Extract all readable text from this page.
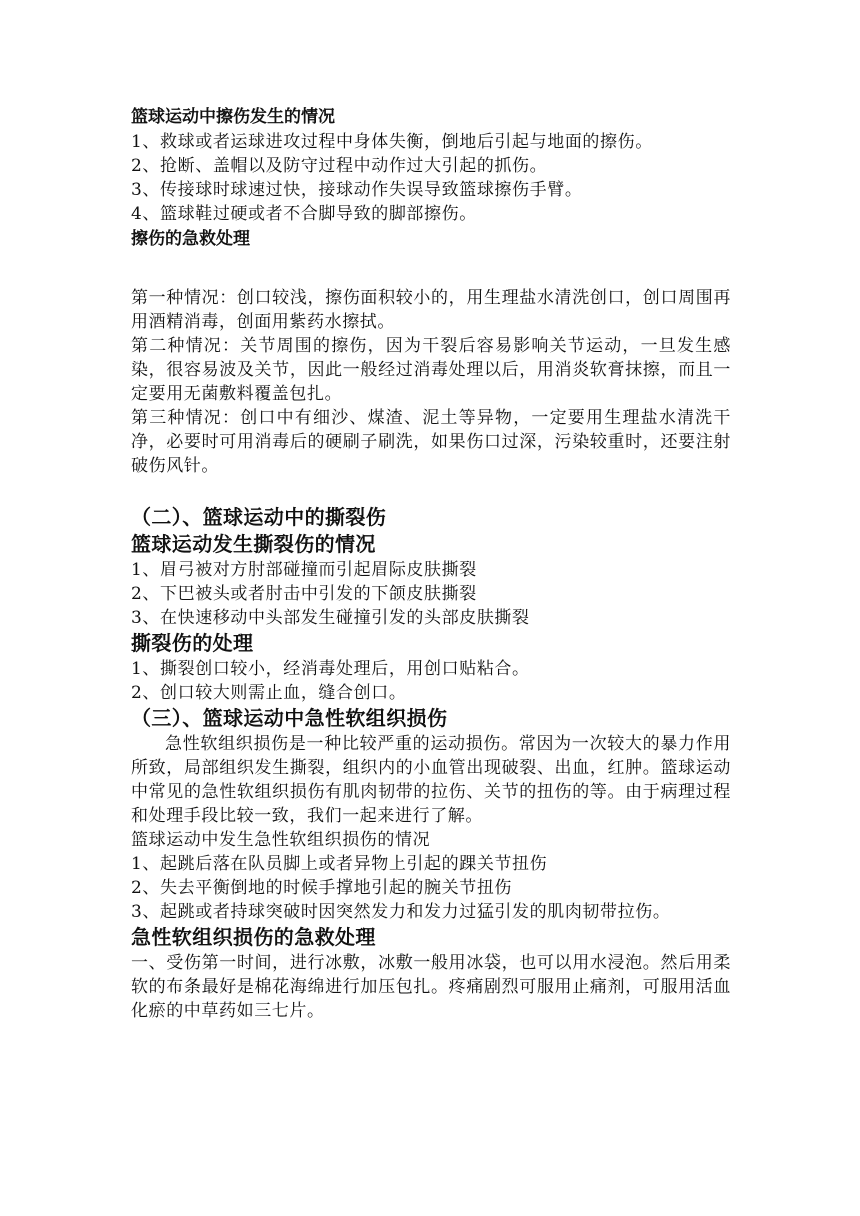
篮球运动中擦伤发生的情况
1、救球或者运球进攻过程中身体失衡，倒地后引起与地面的擦伤。
2、抢断、盖帽以及防守过程中动作过大引起的抓伤。
3、传接球时球速过快，接球动作失误导致篮球擦伤手臂。
4、篮球鞋过硬或者不合脚导致的脚部擦伤。
擦伤的急救处理
第一种情况：创口较浅，擦伤面积较小的，用生理盐水清洗创口，创口周围再用酒精消毒，创面用紫药水擦拭。
第二种情况：关节周围的擦伤，因为干裂后容易影响关节运动，一旦发生感染，很容易波及关节，因此一般经过消毒处理以后，用消炎软膏抹擦，而且一定要用无菌敷料覆盖包扎。
第三种情况：创口中有细沙、煤渣、泥土等异物，一定要用生理盐水清洗干净，必要时可用消毒后的硬刷子刷洗，如果伤口过深，污染较重时，还要注射破伤风针。
（二）、篮球运动中的撕裂伤
篮球运动发生撕裂伤的情况
1、眉弓被对方肘部碰撞而引起眉际皮肤撕裂
2、下巴被头或者肘击中引发的下颌皮肤撕裂
3、在快速移动中头部发生碰撞引发的头部皮肤撕裂
撕裂伤的处理
1、撕裂创口较小，经消毒处理后，用创口贴粘合。
2、创口较大则需止血，缝合创口。
（三）、篮球运动中急性软组织损伤
急性软组织损伤是一种比较严重的运动损伤。常因为一次较大的暴力作用所致，局部组织发生撕裂，组织内的小血管出现破裂、出血，红肿。篮球运动中常见的急性软组织损伤有肌肉韧带的拉伤、关节的扭伤的等。由于病理过程和处理手段比较一致，我们一起来进行了解。
篮球运动中发生急性软组织损伤的情况
1、起跳后落在队员脚上或者异物上引起的踝关节扭伤
2、失去平衡倒地的时候手撑地引起的腕关节扭伤
3、起跳或者持球突破时因突然发力和发力过猛引发的肌肉韧带拉伤。
急性软组织损伤的急救处理
一、受伤第一时间，进行冰敷，冰敷一般用冰袋，也可以用水浸泡。然后用柔软的布条最好是棉花海绵进行加压包扎。疼痛剧烈可服用止痛剂，可服用活血化瘀的中草药如三七片。
